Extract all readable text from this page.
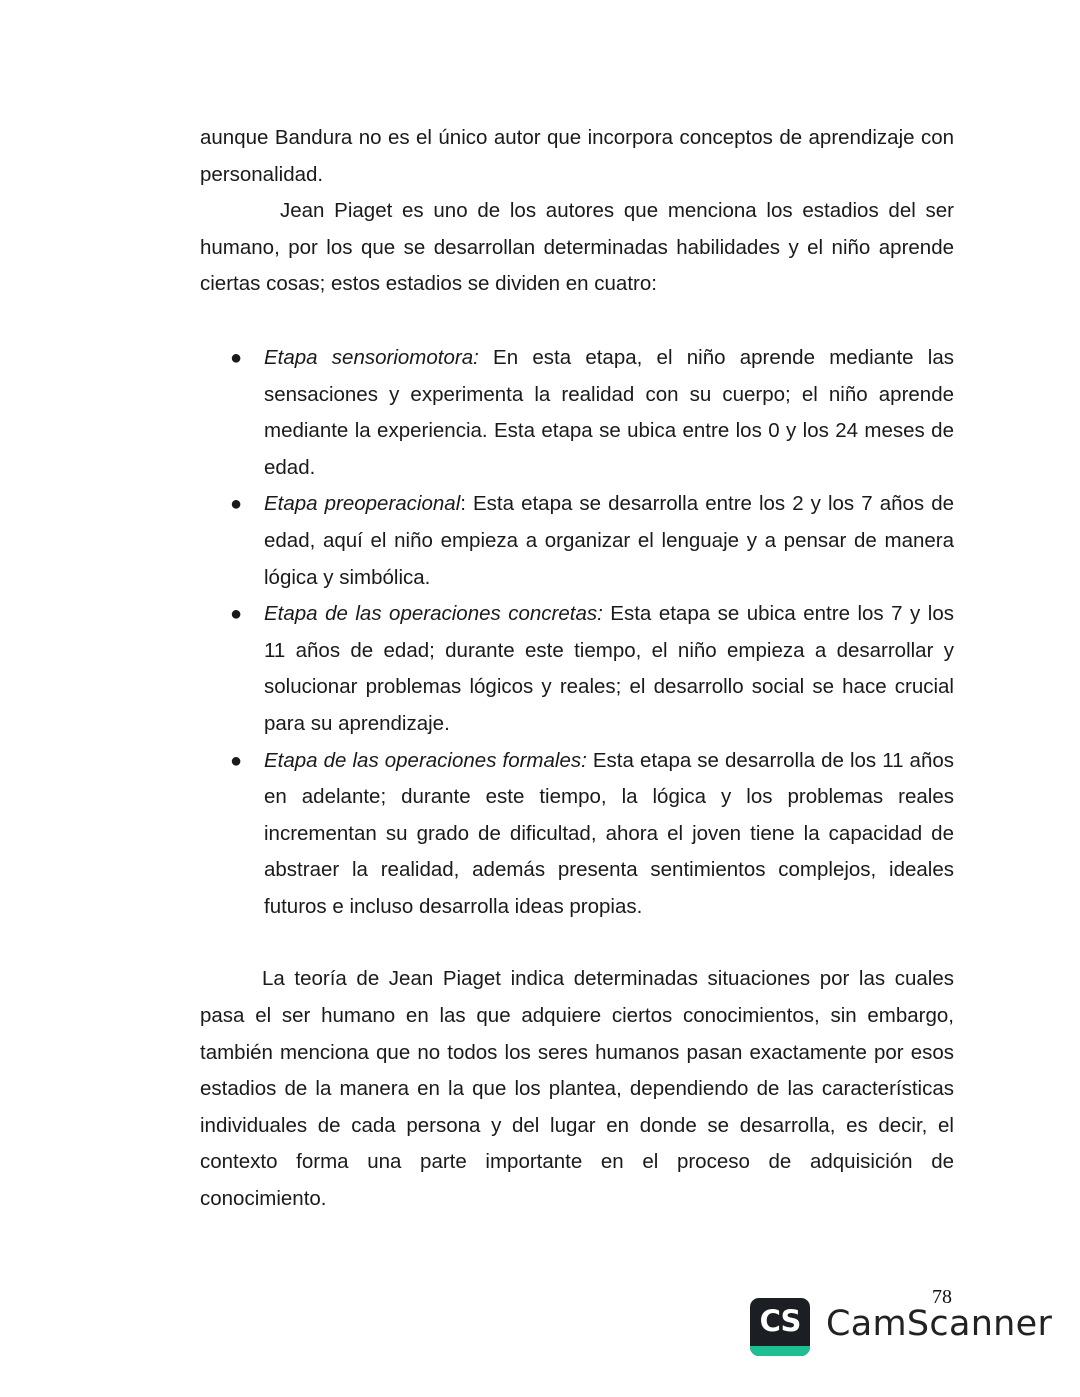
aunque Bandura no es el único autor que incorpora conceptos de aprendizaje con personalidad.

Jean Piaget es uno de los autores que menciona los estadios del ser humano, por los que se desarrollan determinadas habilidades y el niño aprende ciertas cosas; estos estadios se dividen en cuatro:

● Etapa sensoriomotora: En esta etapa, el niño aprende mediante las sensaciones y experimenta la realidad con su cuerpo; el niño aprende mediante la experiencia. Esta etapa se ubica entre los 0 y los 24 meses de edad.
● Etapa preoperacional: Esta etapa se desarrolla entre los 2 y los 7 años de edad, aquí el niño empieza a organizar el lenguaje y a pensar de manera lógica y simbólica.
● Etapa de las operaciones concretas: Esta etapa se ubica entre los 7 y los 11 años de edad; durante este tiempo, el niño empieza a desarrollar y solucionar problemas lógicos y reales; el desarrollo social se hace crucial para su aprendizaje.
● Etapa de las operaciones formales: Esta etapa se desarrolla de los 11 años en adelante; durante este tiempo, la lógica y los problemas reales incrementan su grado de dificultad, ahora el joven tiene la capacidad de abstraer la realidad, además presenta sentimientos complejos, ideales futuros e incluso desarrolla ideas propias.

La teoría de Jean Piaget indica determinadas situaciones por las cuales pasa el ser humano en las que adquiere ciertos conocimientos, sin embargo, también menciona que no todos los seres humanos pasan exactamente por esos estadios de la manera en la que los plantea, dependiendo de las características individuales de cada persona y del lugar en donde se desarrolla, es decir, el contexto forma una parte importante en el proceso de adquisición de conocimiento.

78
CS CamScanner
